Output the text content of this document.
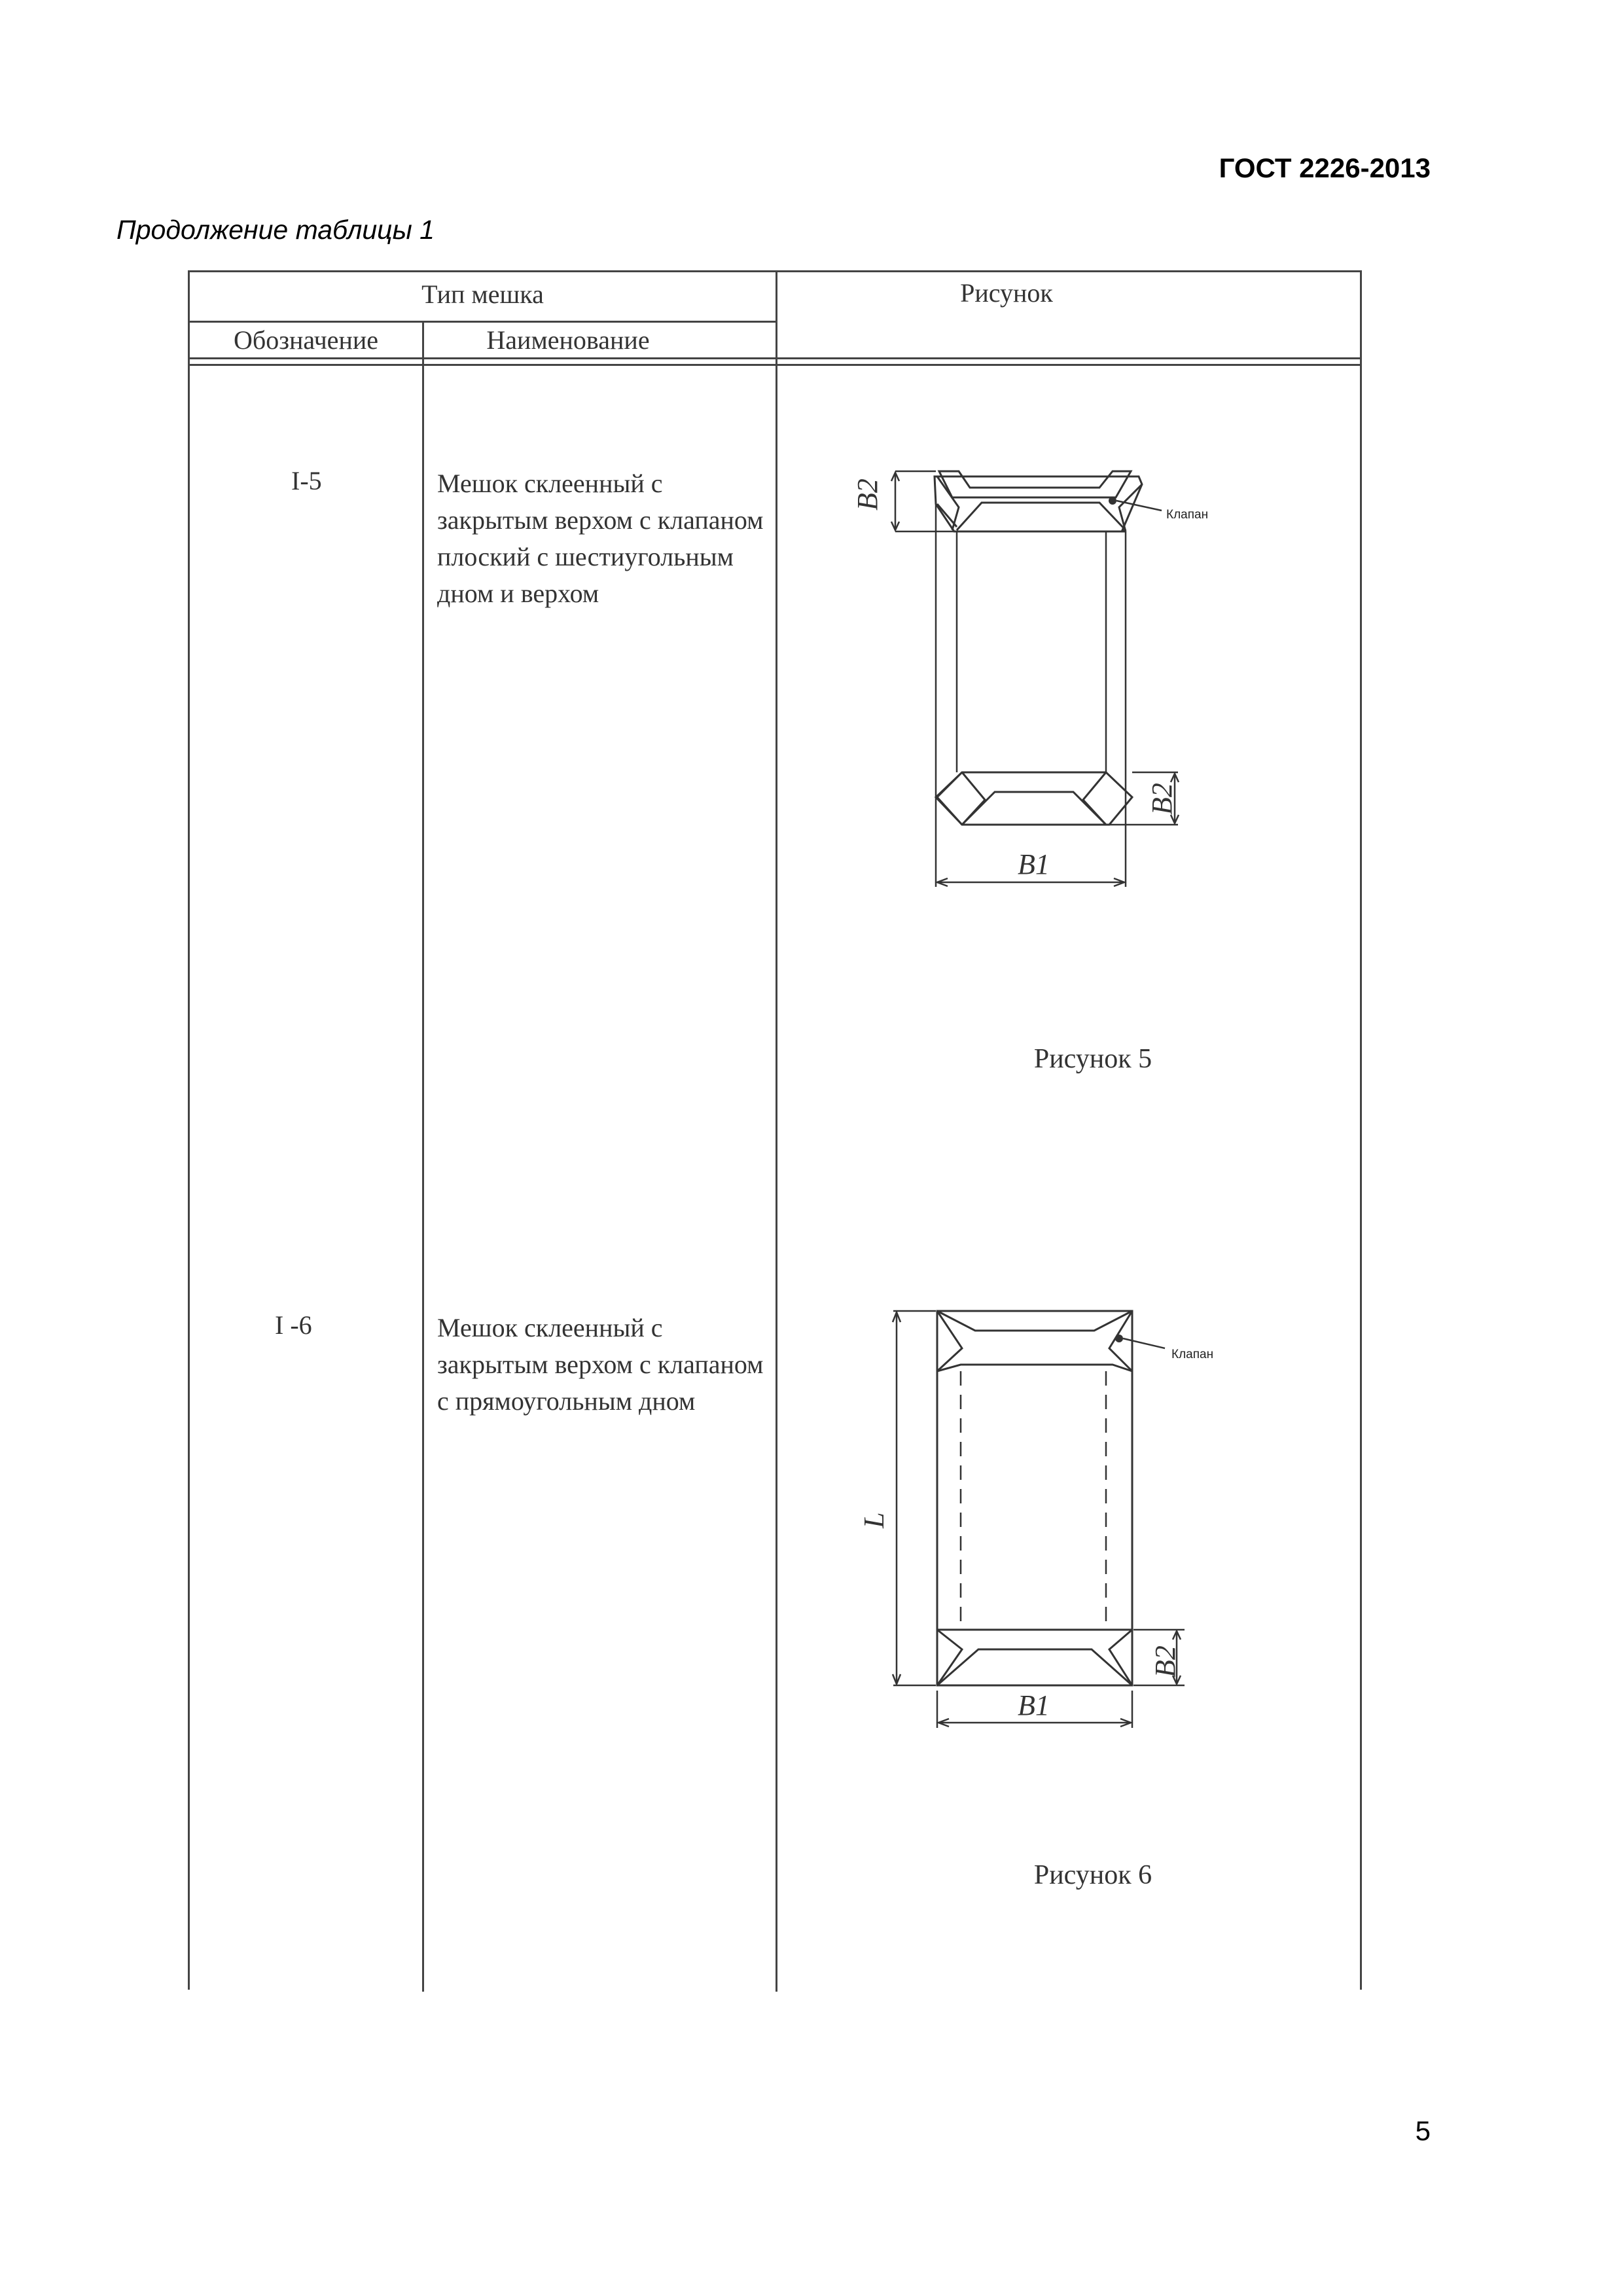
ГОСТ 2226-2013
Продолжение таблицы 1
Тип мешка	Рисунок
Обозначение	Наименование
I-5	Мешок склеенный с закрытым верхом с клапаном плоский с шестиугольным дном и верхом
Рисунок 5
I -6	Мешок склеенный с закрытым верхом с клапаном с прямоугольным дном
Рисунок 6
B2
Клапан
B2
B1
Клапан
L
B2
B1
5
